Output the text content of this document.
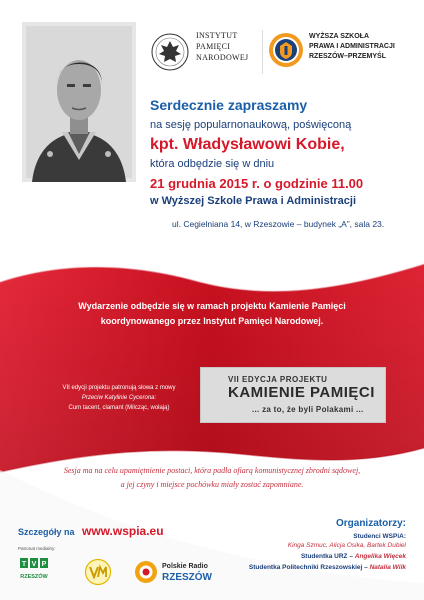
INSTYTUT
PAMIĘCI
NARODOWEJ
WYŻSZA SZKOŁA
PRAWA I ADMINISTRACJI
RZESZÓW–PRZEMYŚL
Serdecznie zapraszamy
na sesję popularnonaukową, poświęconą
kpt. Władysławowi Kobie,
która odbędzie się w dniu
21 grudnia 2015 r. o godzinie 11.00
w Wyższej Szkole Prawa i Administracji
ul. Cegielniana 14, w Rzeszowie – budynek „A”, sala 23.
Wydarzenie odbędzie się w ramach projektu Kamienie Pamięci
koordynowanego przez Instytut Pamięci Narodowej.
VII edycji projektu patronują słowa z mowy
Przeciw Katylinie Cycerona:
Cum tacent, clamant (Milcząc, wołają)
VII EDYCJA PROJEKTU
KAMIENIE PAMIĘCI
... za to, że byli Polakami ...
Sesja ma na celu upamiętnienie postaci, która padła ofiarą komunistycznej zbrodni sądowej,
a jej czyny i miejsce pochówku miały zostać zapomniane.
Szczegóły na www.wspia.eu
Patronat medialny:
T V P
RZESZÓW
Polskie Radio
RZESZÓW
Organizatorzy:
Studenci WSPiA:
Kinga Szmuc, Alicja Osika, Bartek Dubiel
Studentka URZ – Angelika Więcek
Studentka Politechniki Rzeszowskiej – Natalia Wilk
